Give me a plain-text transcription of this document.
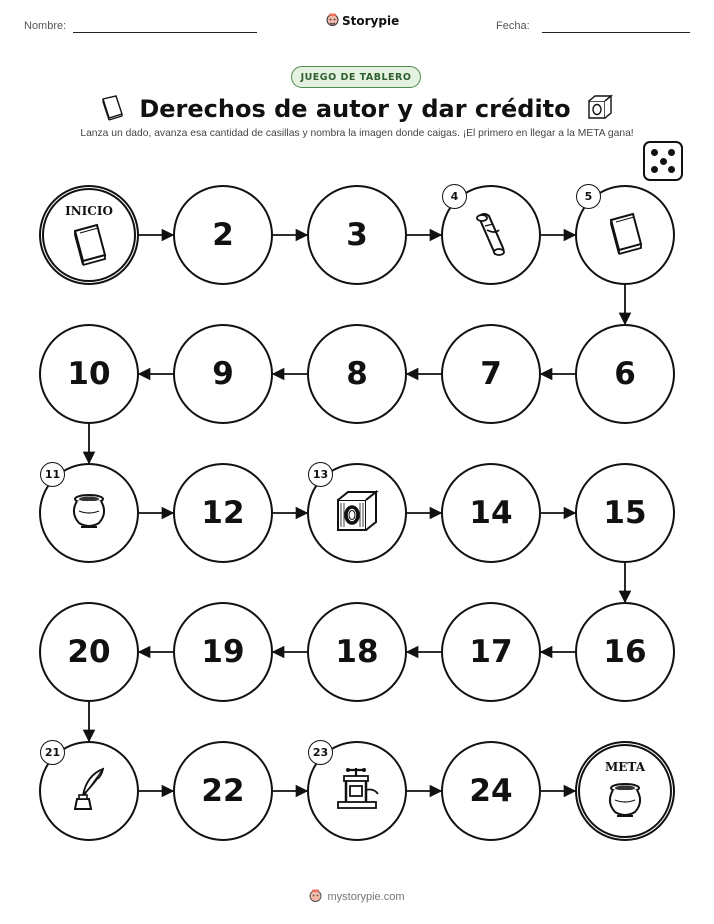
Nombre:	Storypie	Fecha:
JUEGO DE TABLERO
Derechos de autor y dar crédito
Lanza un dado, avanza esa cantidad de casillas y nombra la imagen donde caigas. ¡El primero en llegar a la META gana!
INICIO
2	3
4	5
6
7
8
9
10
11
12
13
14	15
16
17
18
19
20
21
22
23
24
META
mystorypie.com
